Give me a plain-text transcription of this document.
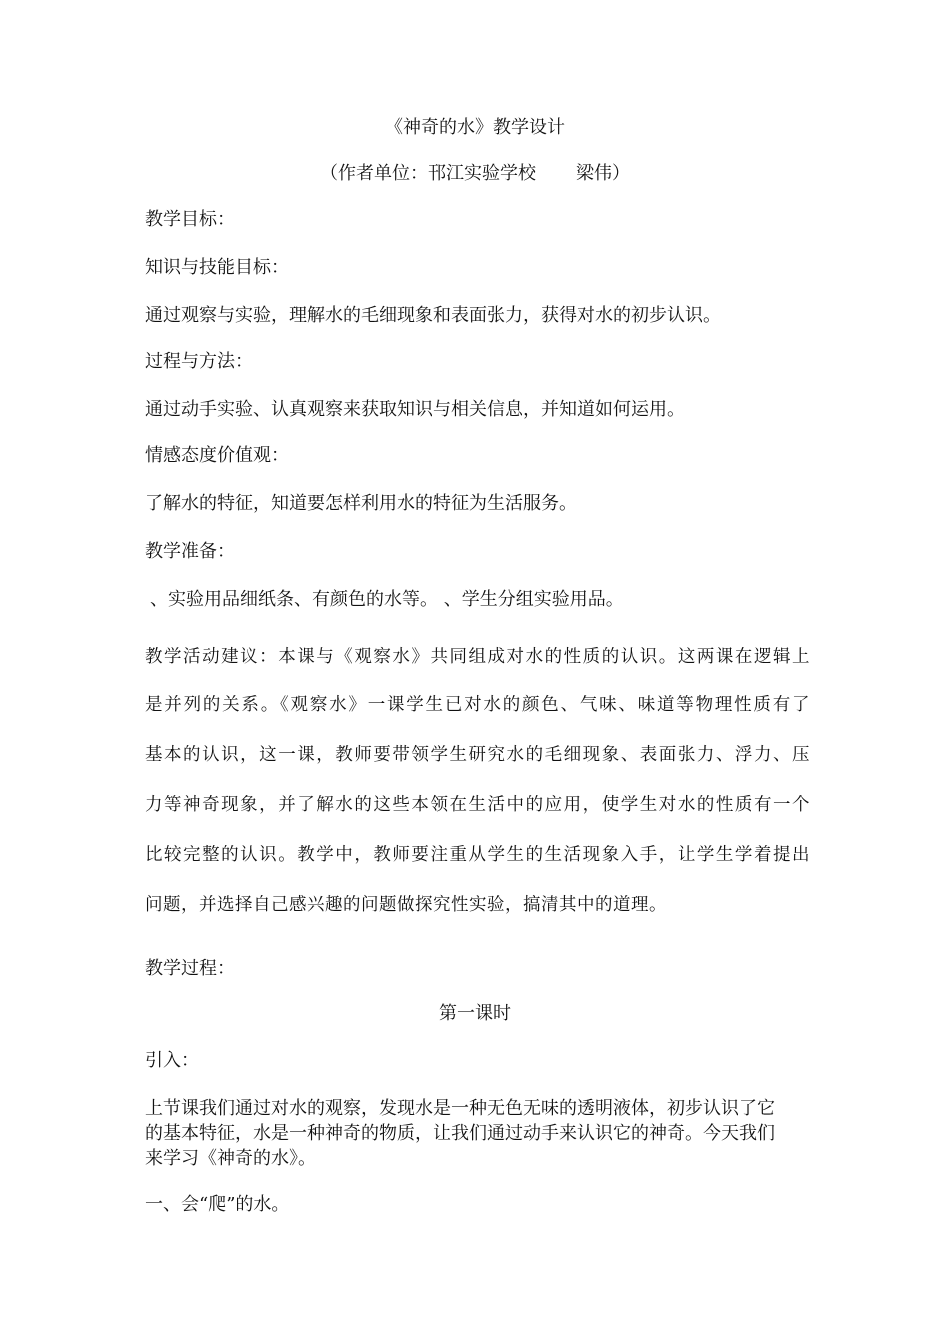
《神奇的水》教学设计
（作者单位：邗江实验学校 梁伟）
教学目标：
知识与技能目标：
通过观察与实验，理解水的毛细现象和表面张力，获得对水的初步认识。
过程与方法：
通过动手实验、认真观察来获取知识与相关信息，并知道如何运用。
情感态度价值观：
了解水的特征，知道要怎样利用水的特征为生活服务。
教学准备：
、实验用品细纸条、有颜色的水等。 、学生分组实验用品。
教学活动建议：本课与《观察水》共同组成对水的性质的认识。这两课在逻辑上
是并列的关系。《观察水》一课学生已对水的颜色、气味、味道等物理性质有了
基本的认识，这一课，教师要带领学生研究水的毛细现象、表面张力、浮力、压
力等神奇现象，并了解水的这些本领在生活中的应用，使学生对水的性质有一个
比较完整的认识。教学中，教师要注重从学生的生活现象入手，让学生学着提出
问题，并选择自己感兴趣的问题做探究性实验，搞清其中的道理。
教学过程：
第一课时
引入：
上节课我们通过对水的观察，发现水是一种无色无味的透明液体，初步认识了它
的基本特征，水是一种神奇的物质，让我们通过动手来认识它的神奇。今天我们
来学习《神奇的水》。
一、会“爬”的水。
